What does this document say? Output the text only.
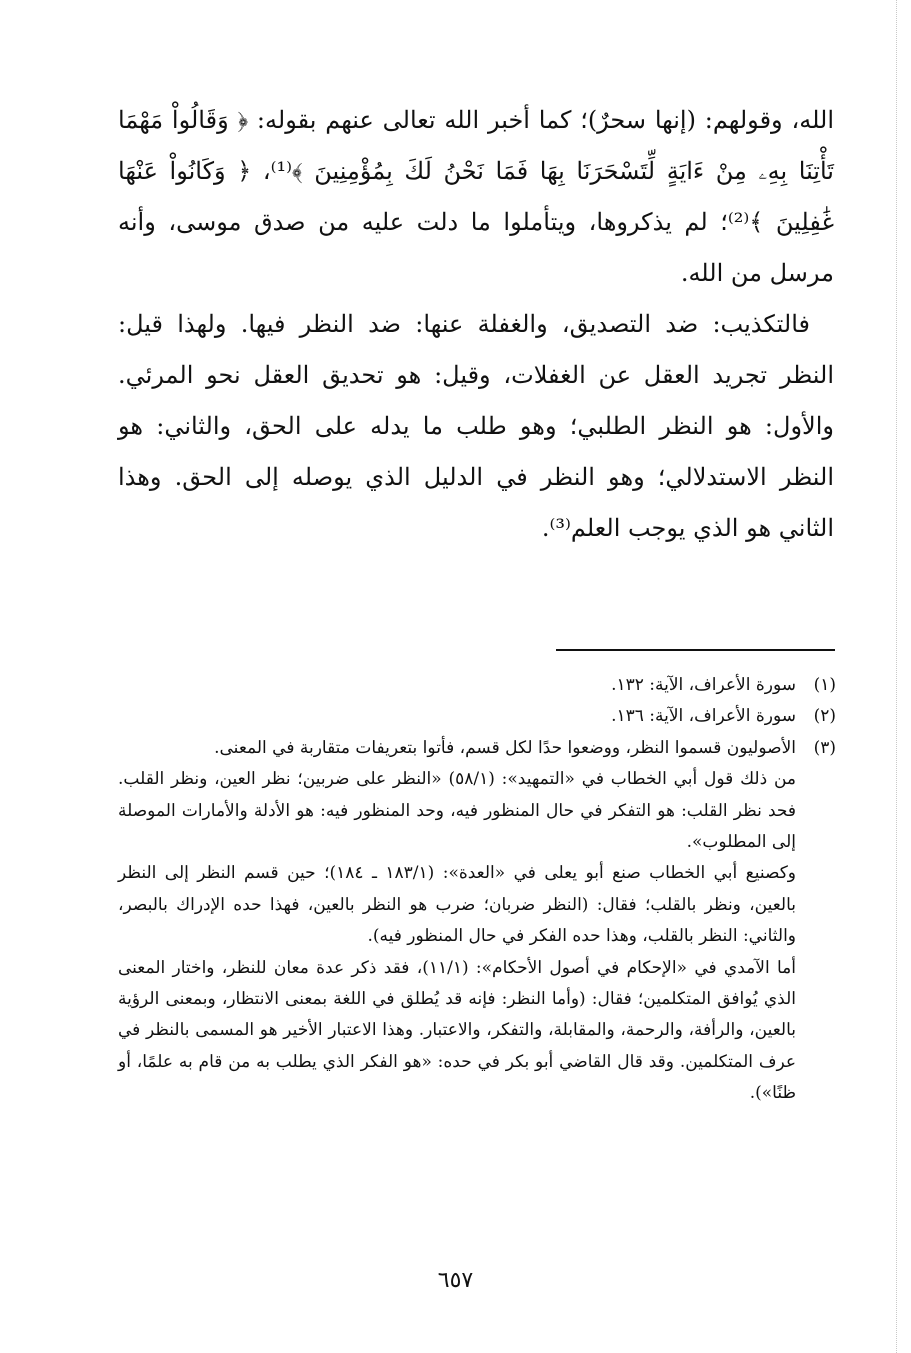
الله، وقولهم: (إنها سحرٌ)؛ كما أخبر الله تعالى عنهم بقوله: ﴿ وَقَالُواْ مَهْمَا تَأْتِنَا بِهِۦ مِنْ ءَايَةٍ لِّتَسْحَرَنَا بِهَا فَمَا نَحْنُ لَكَ بِمُؤْمِنِينَ ﴾⁽¹⁾، ﴿ وَكَانُواْ عَنْهَا غَٰفِلِينَ ﴾⁽²⁾؛ لم يذكروها، ويتأملوا ما دلت عليه من صدق موسى، وأنه مرسل من الله.

فالتكذيب: ضد التصديق، والغفلة عنها: ضد النظر فيها. ولهذا قيل: النظر تجريد العقل عن الغفلات، وقيل: هو تحديق العقل نحو المرئي. والأول: هو النظر الطلبي؛ وهو طلب ما يدله على الحق، والثاني: هو النظر الاستدلالي؛ وهو النظر في الدليل الذي يوصله إلى الحق. وهذا الثاني هو الذي يوجب العلم⁽³⁾.

(١)
سورة الأعراف، الآية: ١٣٢.
(٢)
سورة الأعراف، الآية: ١٣٦.
(٣)
الأصوليون قسموا النظر، ووضعوا حدًا لكل قسم، فأتوا بتعريفات متقاربة في المعنى.

من ذلك قول أبي الخطاب في «التمهيد»: (٥٨/١) «النظر على ضربين؛ نظر العين، ونظر القلب. فحد نظر القلب: هو التفكر في حال المنظور فيه، وحد المنظور فيه: هو الأدلة والأمارات الموصلة إلى المطلوب».

وكصنيع أبي الخطاب صنع أبو يعلى في «العدة»: (١٨٣/١ ـ ١٨٤)؛ حين قسم النظر إلى النظر بالعين، ونظر بالقلب؛ فقال: (النظر ضربان؛ ضرب هو النظر بالعين، فهذا حده الإدراك بالبصر، والثاني: النظر بالقلب، وهذا حده الفكر في حال المنظور فيه).

أما الآمدي في «الإحكام في أصول الأحكام»: (١١/١)، فقد ذكر عدة معان للنظر، واختار المعنى الذي يُوافق المتكلمين؛ فقال: (وأما النظر: فإنه قد يُطلق في اللغة بمعنى الانتظار، وبمعنى الرؤية بالعين، والرأفة، والرحمة، والمقابلة، والتفكر، والاعتبار. وهذا الاعتبار الأخير هو المسمى بالنظر في عرف المتكلمين. وقد قال القاضي أبو بكر في حده: «هو الفكر الذي يطلب به من قام به علمًا، أو ظنًا»).

٦٥٧
